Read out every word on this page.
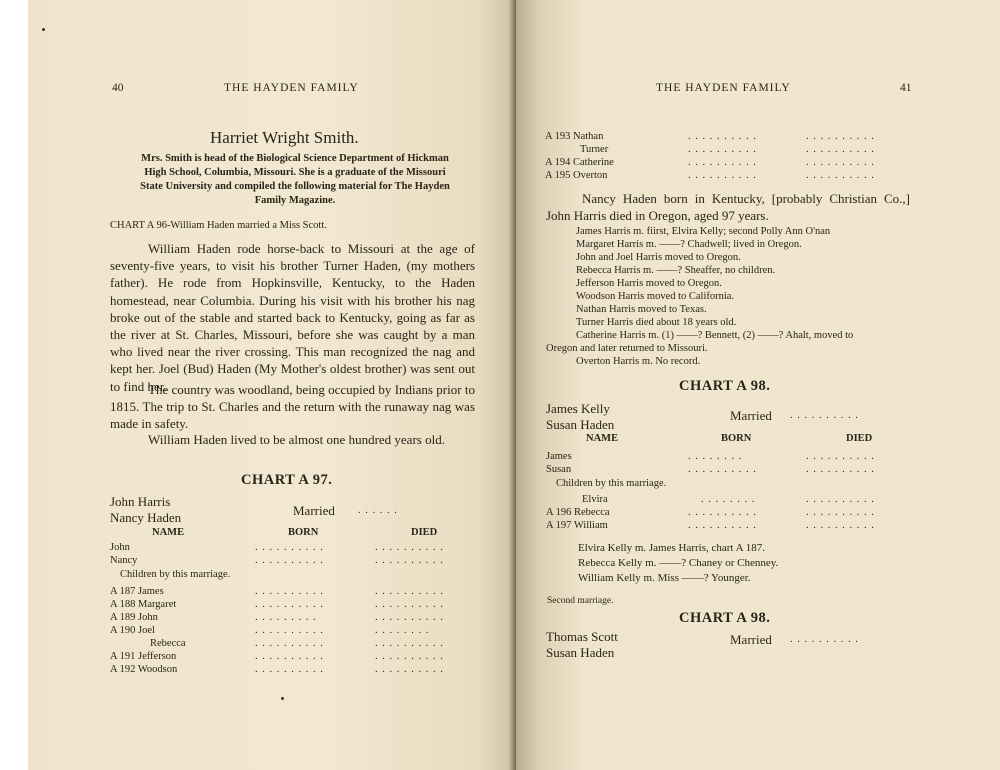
40	THE HAYDEN FAMILY
Harriet Wright Smith.
Mrs. Smith is head of the Biological Science Department of Hickman High School, Columbia, Missouri. She is a graduate of the Missouri State University and compiled the following material for The Hayden Family Magazine.
CHART A 96-William Haden married a Miss Scott.
William Haden rode horse-back to Missouri at the age of seventy-five years, to visit his brother Turner Haden, (my mothers father). He rode from Hopkinsville, Kentucky, to the Haden homestead, near Columbia. During his visit with his brother his nag broke out of the stable and started back to Kentucky, going as far as the river at St. Charles, Missouri, before she was caught by a man who lived near the river crossing. This man recognized the nag and kept her. Joel (Bud) Haden (My Mother's oldest brother) was sent out to find her.
The country was woodland, being occupied by Indians prior to 1815. The trip to St. Charles and the return with the runaway nag was made in safety.
William Haden lived to be almost one hundred years old.
CHART A 97.
John Harris
Nancy Haden	Married . . . . . .
NAME	BORN	DIED
John	. . . . . . . . . .	. . . . . . . . . .
Nancy	. . . . . . . . . .	. . . . . . . . . .
Children by this marriage.
A 187 James	. . . . . . . . . .	. . . . . . . . . .
A 188 Margaret	. . . . . . . . . .	. . . . . . . . . .
A 189 John	. . . . . . . . .	. . . . . . . . . .
A 190 Joel	. . . . . . . . . .	. . . . . . . .
Rebecca	. . . . . . . . . .	. . . . . . . . . .
A 191 Jefferson	. . . . . . . . . .	. . . . . . . . . .
A 192 Woodson	. . . . . . . . . .	. . . . . . . . . .
THE HAYDEN FAMILY	41
A 193 Nathan	. . . . . . . . . .	. . . . . . . . . .
Turner	. . . . . . . . . .	. . . . . . . . . .
A 194 Catherine	. . . . . . . . . .	. . . . . . . . . .
A 195 Overton	. . . . . . . . . .	. . . . . . . . . .
Nancy Haden born in Kentucky, [probably Christian Co.,] John Harris died in Oregon, aged 97 years.
James Harris m. fiirst, Elvira Kelly; second Polly Ann O'nan
Margaret Harris m. ——? Chadwell; lived in Oregon.
John and Joel Harris moved to Oregon.
Rebecca Harris m. ——? Sheaffer, no children.
Jefferson Harris moved to Oregon.
Woodson Harris moved to California.
Nathan Harris moved to Texas.
Turner Harris died about 18 years old.
Catherine Harris m. (1) ——? Bennett, (2) ——? Ahalt, moved to
Oregon and later returned to Missouri.
Overton Harris m. No record.
CHART A 98.
James Kelly
Susan Haden
Married . . . . . . . . . .
NAME	BORN	DIED
James	. . . . . . . .	. . . . . . . . . .
Susan	. . . . . . . . . .	. . . . . . . . . .
Children by this marriage.
Elvira	. . . . . . . .	. . . . . . . . . .
A 196 Rebecca	. . . . . . . . . .	. . . . . . . . . .
A 197 William	. . . . . . . . . .	. . . . . . . . . .
Elvira Kelly m. James Harris, chart A 187.
Rebecca Kelly m. ——? Chaney or Chenney.
William Kelly m. Miss ——? Younger.
Second marriage.
CHART A 98.
Thomas Scott
Susan Haden
Married . . . . . . . . . .
